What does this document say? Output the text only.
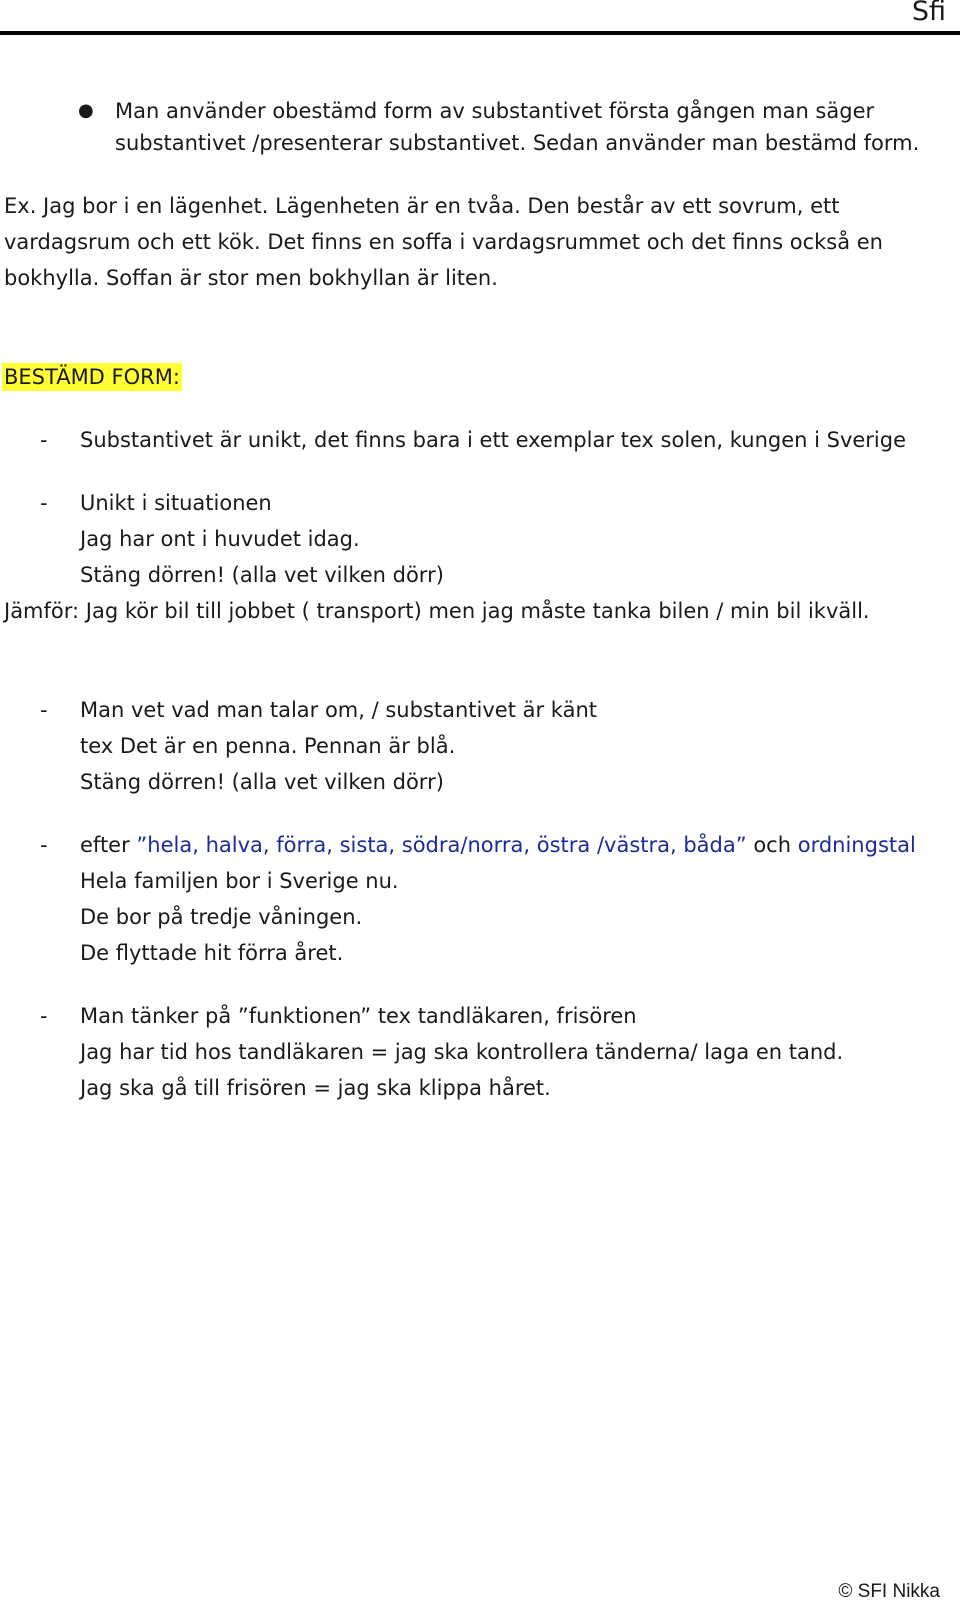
Sfi
● Man använder obestämd form av substantivet första gången man säger
substantivet /presenterar substantivet. Sedan använder man bestämd form.
Ex. Jag bor i en lägenhet. Lägenheten är en tvåa. Den består av ett sovrum, ett
vardagsrum och ett kök. Det finns en soffa i vardagsrummet och det finns också en
bokhylla. Soffan är stor men bokhyllan är liten.
BESTÄMD FORM:
- Substantivet är unikt, det finns bara i ett exemplar tex solen, kungen i Sverige
- Unikt i situationen
Jag har ont i huvudet idag.
Stäng dörren! (alla vet vilken dörr)
Jämför: Jag kör bil till jobbet ( transport) men jag måste tanka bilen / min bil ikväll.
- Man vet vad man talar om, / substantivet är känt
tex Det är en penna. Pennan är blå.
Stäng dörren! (alla vet vilken dörr)
- efter ”hela, halva, förra, sista, södra/norra, östra /västra, båda” och ordningstal
Hela familjen bor i Sverige nu.
De bor på tredje våningen.
De flyttade hit förra året.
- Man tänker på ”funktionen” tex tandläkaren, frisören
Jag har tid hos tandläkaren = jag ska kontrollera tänderna/ laga en tand.
Jag ska gå till frisören = jag ska klippa håret.
© SFI Nikka
